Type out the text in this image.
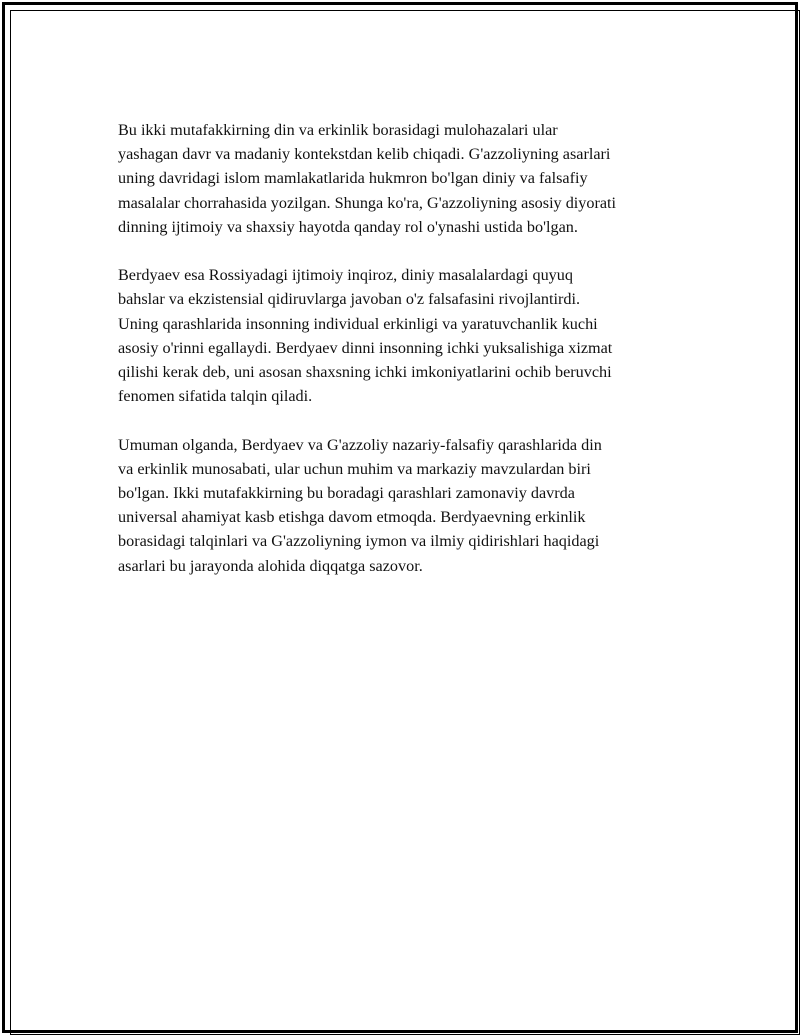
Bu ikki mutafakkirning din va erkinlik borasidagi mulohazalari ular
yashagan davr va madaniy kontekstdan kelib chiqadi. G'azzoliyning asarlari
uning davridagi islom mamlakatlarida hukmron bo'lgan diniy va falsafiy
masalalar chorrahasida yozilgan. Shunga ko'ra, G'azzoliyning asosiy diyorati
dinning ijtimoiy va shaxsiy hayotda qanday rol o'ynashi ustida bo'lgan.

Berdyaev esa Rossiyadagi ijtimoiy inqiroz, diniy masalalardagi quyuq
bahslar va ekzistensial qidiruvlarga javoban o'z falsafasini rivojlantirdi.
Uning qarashlarida insonning individual erkinligi va yaratuvchanlik kuchi
asosiy o'rinni egallaydi. Berdyaev dinni insonning ichki yuksalishiga xizmat
qilishi kerak deb, uni asosan shaxsning ichki imkoniyatlarini ochib beruvchi
fenomen sifatida talqin qiladi.

Umuman olganda, Berdyaev va G'azzoliy nazariy-falsafiy qarashlarida din
va erkinlik munosabati, ular uchun muhim va markaziy mavzulardan biri
bo'lgan. Ikki mutafakkirning bu boradagi qarashlari zamonaviy davrda
universal ahamiyat kasb etishga davom etmoqda. Berdyaevning erkinlik
borasidagi talqinlari va G'azzoliyning iymon va ilmiy qidirishlari haqidagi
asarlari bu jarayonda alohida diqqatga sazovor.
